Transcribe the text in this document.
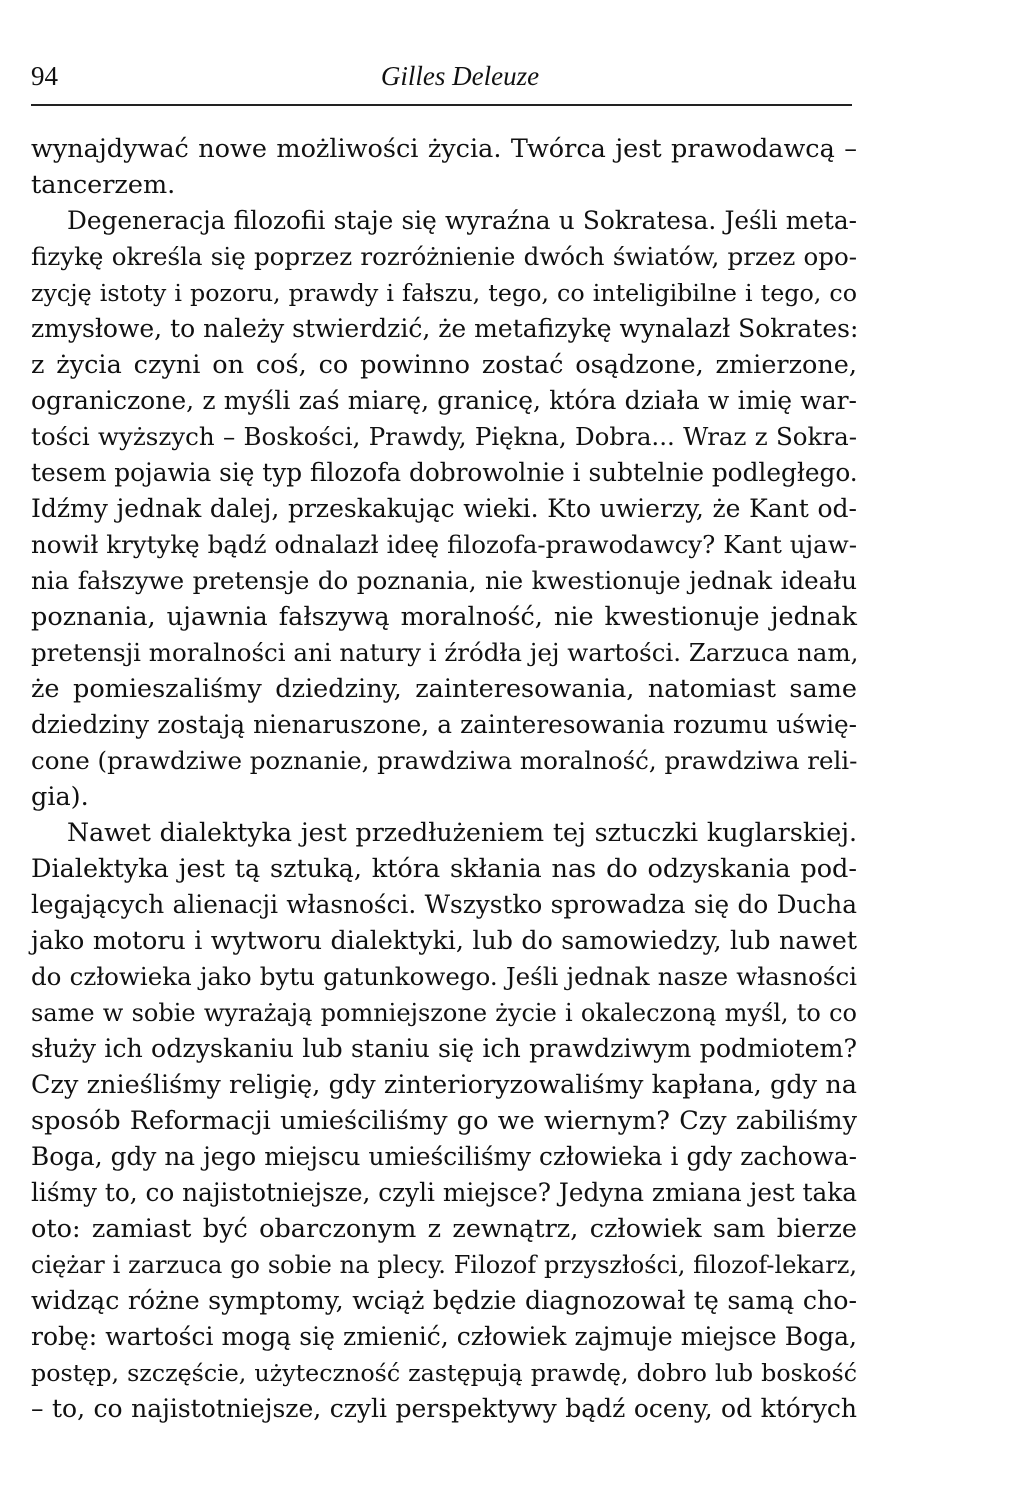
94	Gilles Deleuze
wynajdywać nowe możliwości życia. Twórca jest prawodawcą –
tancerzem.
Degeneracja filozofii staje się wyraźna u Sokratesa. Jeśli meta-
fizykę określa się poprzez rozróżnienie dwóch światów, przez opo-
zycję istoty i pozoru, prawdy i fałszu, tego, co inteligibilne i tego, co
zmysłowe, to należy stwierdzić, że metafizykę wynalazł Sokrates:
z życia czyni on coś, co powinno zostać osądzone, zmierzone,
ograniczone, z myśli zaś miarę, granicę, która działa w imię war-
tości wyższych – Boskości, Prawdy, Piękna, Dobra... Wraz z Sokra-
tesem pojawia się typ filozofa dobrowolnie i subtelnie podległego.
Idźmy jednak dalej, przeskakując wieki. Kto uwierzy, że Kant od-
nowił krytykę bądź odnalazł ideę filozofa-prawodawcy? Kant ujaw-
nia fałszywe pretensje do poznania, nie kwestionuje jednak ideału
poznania, ujawnia fałszywą moralność, nie kwestionuje jednak
pretensji moralności ani natury i źródła jej wartości. Zarzuca nam,
że pomieszaliśmy dziedziny, zainteresowania, natomiast same
dziedziny zostają nienaruszone, a zainteresowania rozumu uświę-
cone (prawdziwe poznanie, prawdziwa moralność, prawdziwa reli-
gia).
Nawet dialektyka jest przedłużeniem tej sztuczki kuglarskiej.
Dialektyka jest tą sztuką, która skłania nas do odzyskania pod-
legających alienacji własności. Wszystko sprowadza się do Ducha
jako motoru i wytworu dialektyki, lub do samowiedzy, lub nawet
do człowieka jako bytu gatunkowego. Jeśli jednak nasze własności
same w sobie wyrażają pomniejszone życie i okaleczoną myśl, to co
służy ich odzyskaniu lub staniu się ich prawdziwym podmiotem?
Czy znieśliśmy religię, gdy zinterioryzowaliśmy kapłana, gdy na
sposób Reformacji umieściliśmy go we wiernym? Czy zabiliśmy
Boga, gdy na jego miejscu umieściliśmy człowieka i gdy zachowa-
liśmy to, co najistotniejsze, czyli miejsce? Jedyna zmiana jest taka
oto: zamiast być obarczonym z zewnątrz, człowiek sam bierze
ciężar i zarzuca go sobie na plecy. Filozof przyszłości, filozof-lekarz,
widząc różne symptomy, wciąż będzie diagnozował tę samą cho-
robę: wartości mogą się zmienić, człowiek zajmuje miejsce Boga,
postęp, szczęście, użyteczność zastępują prawdę, dobro lub boskość
– to, co najistotniejsze, czyli perspektywy bądź oceny, od których
